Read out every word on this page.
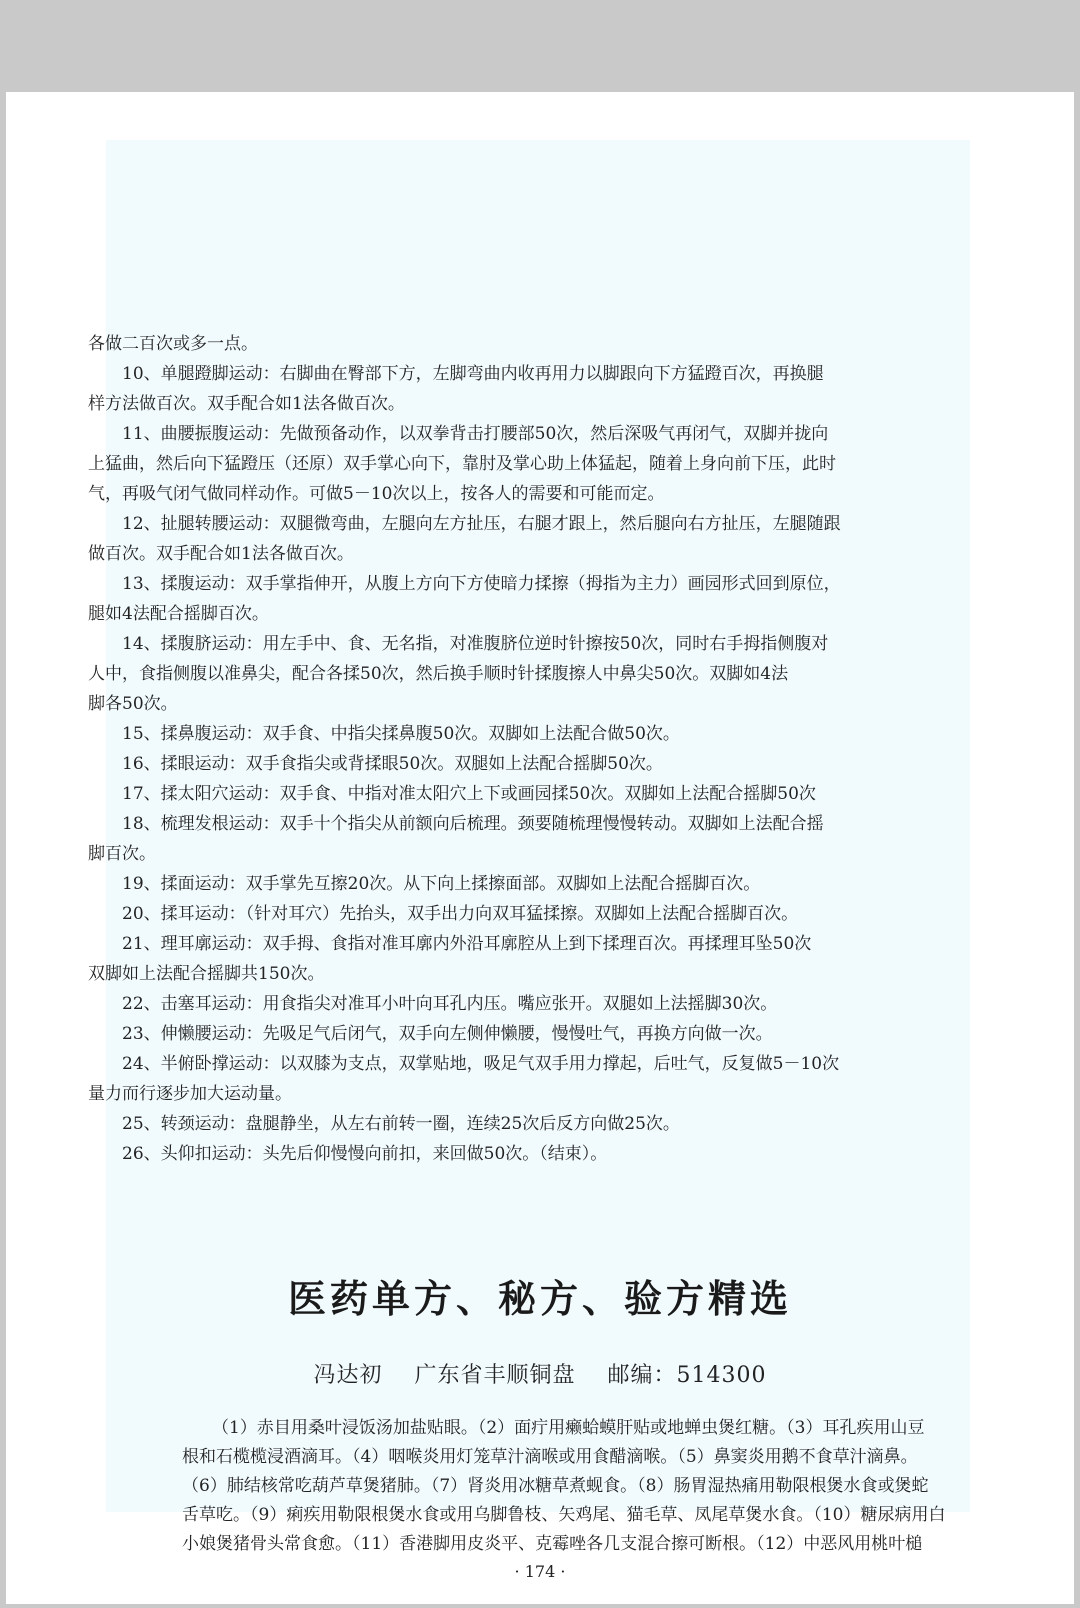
各做二百次或多一点。
10、单腿蹬脚运动：右脚曲在臀部下方，左脚弯曲内收再用力以脚跟向下方猛蹬百次，再换腿
样方法做百次。双手配合如1法各做百次。
11、曲腰振腹运动：先做预备动作，以双拳背击打腰部50次，然后深吸气再闭气，双脚并拢向
上猛曲，然后向下猛蹬压（还原）双手掌心向下，靠肘及掌心助上体猛起，随着上身向前下压，此时
气，再吸气闭气做同样动作。可做5－10次以上，按各人的需要和可能而定。
12、扯腿转腰运动：双腿微弯曲，左腿向左方扯压，右腿才跟上，然后腿向右方扯压，左腿随跟
做百次。双手配合如1法各做百次。
13、揉腹运动：双手掌指伸开，从腹上方向下方使暗力揉擦（拇指为主力）画园形式回到原位，
腿如4法配合摇脚百次。
14、揉腹脐运动：用左手中、食、无名指，对准腹脐位逆时针擦按50次，同时右手拇指侧腹对
人中，食指侧腹以准鼻尖，配合各揉50次，然后换手顺时针揉腹擦人中鼻尖50次。双脚如4法
脚各50次。
15、揉鼻腹运动：双手食、中指尖揉鼻腹50次。双脚如上法配合做50次。
16、揉眼运动：双手食指尖或背揉眼50次。双腿如上法配合摇脚50次。
17、揉太阳穴运动：双手食、中指对准太阳穴上下或画园揉50次。双脚如上法配合摇脚50次
18、梳理发根运动：双手十个指尖从前额向后梳理。颈要随梳理慢慢转动。双脚如上法配合摇
脚百次。
19、揉面运动：双手掌先互擦20次。从下向上揉擦面部。双脚如上法配合摇脚百次。
20、揉耳运动：（针对耳穴）先抬头，双手出力向双耳猛揉擦。双脚如上法配合摇脚百次。
21、理耳廓运动：双手拇、食指对准耳廓内外沿耳廓腔从上到下揉理百次。再揉理耳坠50次
双脚如上法配合摇脚共150次。
22、击塞耳运动：用食指尖对准耳小叶向耳孔内压。嘴应张开。双腿如上法摇脚30次。
23、伸懒腰运动：先吸足气后闭气，双手向左侧伸懒腰，慢慢吐气，再换方向做一次。
24、半俯卧撑运动：以双膝为支点，双掌贴地，吸足气双手用力撑起，后吐气，反复做5－10次
量力而行逐步加大运动量。
25、转颈运动：盘腿静坐，从左右前转一圈，连续25次后反方向做25次。
26、头仰扣运动：头先后仰慢慢向前扣，来回做50次。（结束）。
医药单方、秘方、验方精选
冯达初 广东省丰顺铜盘 邮编：514300
（1）赤目用桑叶浸饭汤加盐贴眼。（2）面疔用癞蛤蟆肝贴或地蝉虫煲红糖。（3）耳孔疾用山豆
根和石榄榄浸酒滴耳。（4）咽喉炎用灯笼草汁滴喉或用食醋滴喉。（5）鼻窦炎用鹅不食草汁滴鼻。
（6）肺结核常吃葫芦草煲猪肺。（7）肾炎用冰糖草煮蚬食。（8）肠胃湿热痛用勒限根煲水食或煲蛇
舌草吃。（9）痢疾用勒限根煲水食或用乌脚鲁枝、矢鸡尾、猫毛草、凤尾草煲水食。（10）糖尿病用白
小娘煲猪骨头常食愈。（11）香港脚用皮炎平、克霉唑各几支混合擦可断根。（12）中恶风用桃叶槌
· 174 ·
